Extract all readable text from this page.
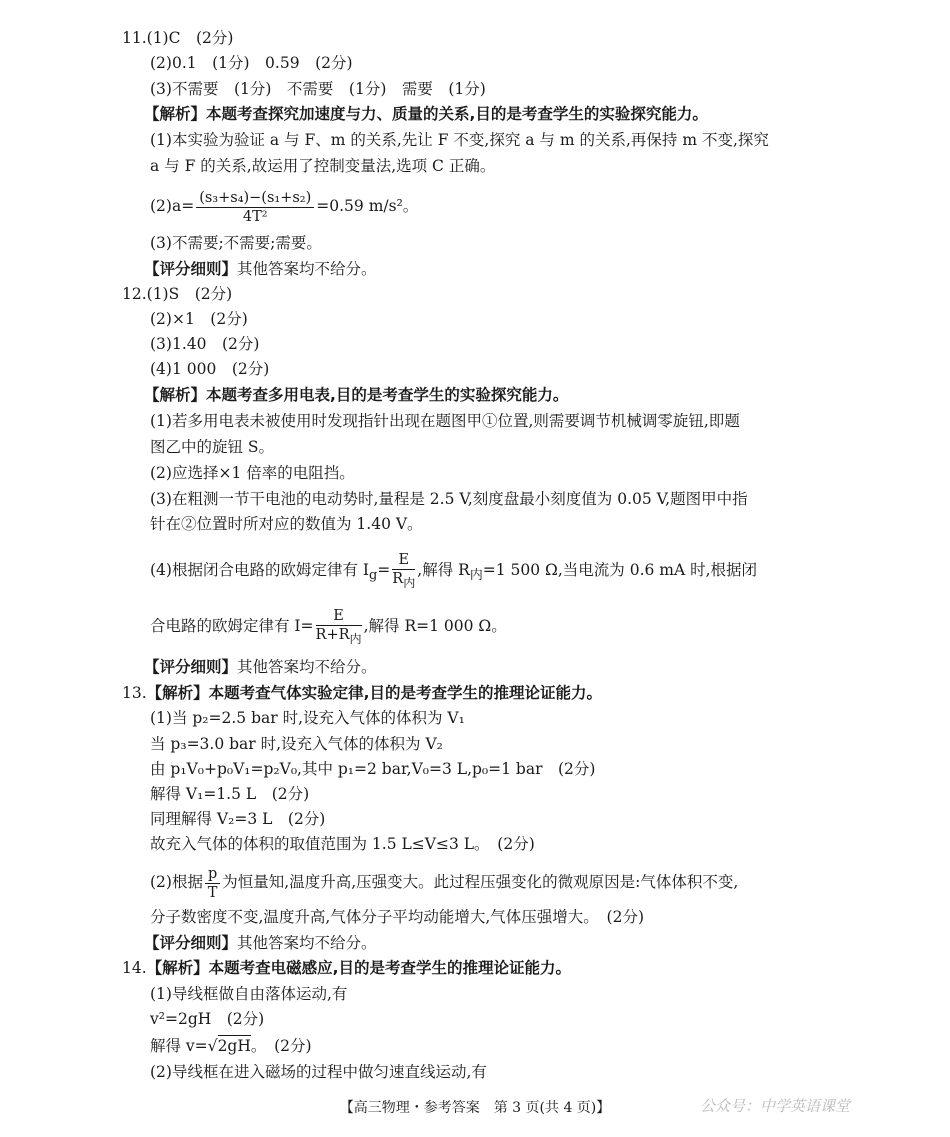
11.(1)C　(2分)
(2)0.1　(1分)　0.59　(2分)
(3)不需要　(1分)　不需要　(1分)　需要　(1分)
【解析】本题考查探究加速度与力、质量的关系,目的是考查学生的实验探究能力。
(1)本实验为验证 a 与 F、m 的关系,先让 F 不变,探究 a 与 m 的关系,再保持 m 不变,探究
a 与 F 的关系,故运用了控制变量法,选项 C 正确。
$(2)a= \frac{\text{(s₃+s₄)−(s₁+s₂)}}{\text{4T²}} =0.59$ m/s²。
(3)不需要;不需要;需要。
【评分细则】其他答案均不给分。
12.(1)S　(2分)
(2)×1　(2分)
(3)1.40　(2分)
(4)1 000　(2分)
【解析】本题考查多用电表,目的是考查学生的实验探究能力。
(1)若多用电表未被使用时发现指针出现在题图甲①位置,则需要调节机械调零旋钮,即题
图乙中的旋钮 S。
(2)应选择×1 倍率的电阻挡。
(3)在粗测一节干电池的电动势时,量程是 2.5 V,刻度盘最小刻度值为 0.05 V,题图甲中指
针在②位置时所对应的数值为 1.40 V。
(4)根据闭合电路的欧姆定律有 $I_g= \frac{E}{R_内}$ ,解得 $R_内=1$ 500 Ω,当电流为 0.6 mA 时,根据闭
合电路的欧姆定律有 $I= \frac{E}{R+R_内}$ ,解得 R=1 000 Ω。
【评分细则】其他答案均不给分。
13.【解析】本题考查气体实验定律,目的是考查学生的推理论证能力。
(1)当 p₂=2.5 bar 时,设充入气体的体积为 V₁
当 p₃=3.0 bar 时,设充入气体的体积为 V₂
由 p₁V₀+p₀V₁=p₂V₀,其中 p₁=2 bar,V₀=3 L,p₀=1 bar　(2分)
解得 V₁=1.5 L　(2分)
同理解得 V₂=3 L　(2分)
故充入气体的体积的取值范围为 1.5 L≤V≤3 L。　(2分)
(2)根据 $\frac{p}{T}$ 为恒量知,温度升高,压强变大。此过程压强变化的微观原因是:气体体积不变,
分子数密度不变,温度升高,气体分子平均动能增大,气体压强增大。　(2分)
【评分细则】其他答案均不给分。
14.【解析】本题考查电磁感应,目的是考查学生的推理论证能力。
(1)导线框做自由落体运动,有
v²=2gH　(2分)
解得 v=√2gH。　(2分)
(2)导线框在进入磁场的过程中做匀速直线运动,有
【高三物理・参考答案　第 3 页(共 4 页)】	公众号：中学英语课堂
